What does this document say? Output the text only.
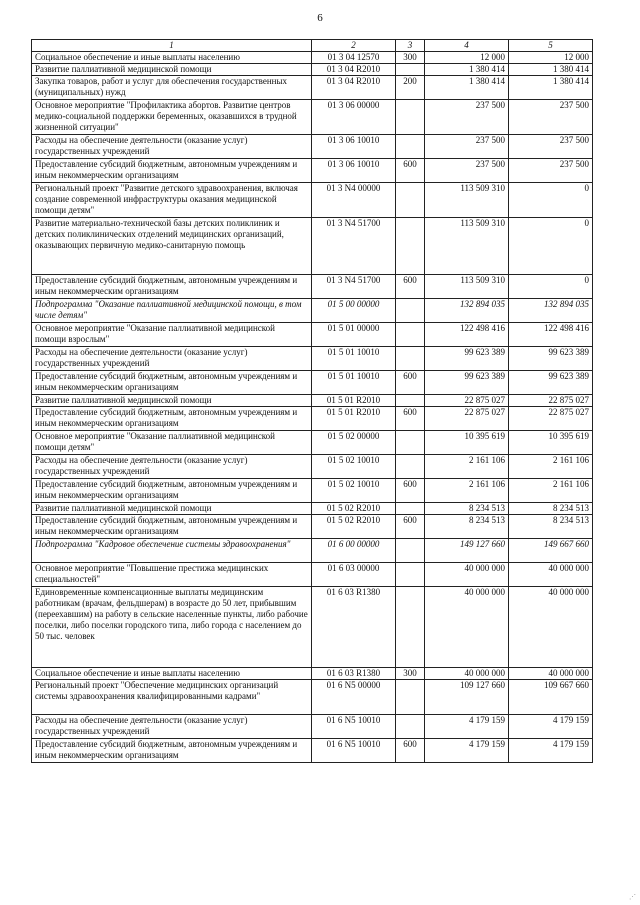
6
1	2	3	4	5
Социальное обеспечение и иные выплаты населению	01 3 04 12570	300	12 000	12 000
Развитие паллиативной медицинской помощи	01 3 04 R2010		1 380 414	1 380 414
Закупка товаров, работ и услуг для обеспечения государственных (муниципальных) нужд	01 3 04 R2010	200	1 380 414	1 380 414
Основное мероприятие "Профилактика абортов. Развитие центров медико-социальной поддержки беременных, оказавшихся в трудной жизненной ситуации"	01 3 06 00000		237 500	237 500
Расходы на обеспечение деятельности (оказание услуг) государственных учреждений	01 3 06 10010		237 500	237 500
Предоставление субсидий бюджетным, автономным учреждениям и иным некоммерческим организациям	01 3 06 10010	600	237 500	237 500
Региональный проект "Развитие детского здравоохранения, включая создание современной инфраструктуры оказания медицинской помощи детям"	01 3 N4 00000		113 509 310	0
Развитие материально-технической базы детских поликлиник и детских поликлинических отделений медицинских организаций, оказывающих первичную медико-санитарную помощь	01 3 N4 51700		113 509 310	0
Предоставление субсидий бюджетным, автономным учреждениям и иным некоммерческим организациям	01 3 N4 51700	600	113 509 310	0
Подпрограмма "Оказание паллиативной медицинской помощи, в том числе детям"	01 5 00 00000		132 894 035	132 894 035
Основное мероприятие "Оказание паллиативной медицинской помощи взрослым"	01 5 01 00000		122 498 416	122 498 416
Расходы на обеспечение деятельности (оказание услуг) государственных учреждений	01 5 01 10010		99 623 389	99 623 389
Предоставление субсидий бюджетным, автономным учреждениям и иным некоммерческим организациям	01 5 01 10010	600	99 623 389	99 623 389
Развитие паллиативной медицинской помощи	01 5 01 R2010		22 875 027	22 875 027
Предоставление субсидий бюджетным, автономным учреждениям и иным некоммерческим организациям	01 5 01 R2010	600	22 875 027	22 875 027
Основное мероприятие "Оказание паллиативной медицинской помощи детям"	01 5 02 00000		10 395 619	10 395 619
Расходы на обеспечение деятельности (оказание услуг) государственных учреждений	01 5 02 10010		2 161 106	2 161 106
Предоставление субсидий бюджетным, автономным учреждениям и иным некоммерческим организациям	01 5 02 10010	600	2 161 106	2 161 106
Развитие паллиативной медицинской помощи	01 5 02 R2010		8 234 513	8 234 513
Предоставление субсидий бюджетным, автономным учреждениям и иным некоммерческим организациям	01 5 02 R2010	600	8 234 513	8 234 513
Подпрограмма "Кадровое обеспечение системы здравоохранения"	01 6 00 00000		149 127 660	149 667 660
Основное мероприятие "Повышение престижа медицинских специальностей"	01 6 03 00000		40 000 000	40 000 000
Единовременные компенсационные выплаты медицинским работникам (врачам, фельдшерам) в возрасте до 50 лет, прибывшим (переехавшим) на работу в сельские населенные пункты, либо рабочие поселки, либо поселки городского типа, либо города с населением до 50 тыс. человек	01 6 03 R1380		40 000 000	40 000 000
Социальное обеспечение и иные выплаты населению	01 6 03 R1380	300	40 000 000	40 000 000
Региональный проект "Обеспечение медицинских организаций системы здравоохранения квалифицированными кадрами"	01 6 N5 00000		109 127 660	109 667 660
Расходы на обеспечение деятельности (оказание услуг) государственных учреждений	01 6 N5 10010		4 179 159	4 179 159
Предоставление субсидий бюджетным, автономным учреждениям и иным некоммерческим организациям	01 6 N5 10010	600	4 179 159	4 179 159
⋰
